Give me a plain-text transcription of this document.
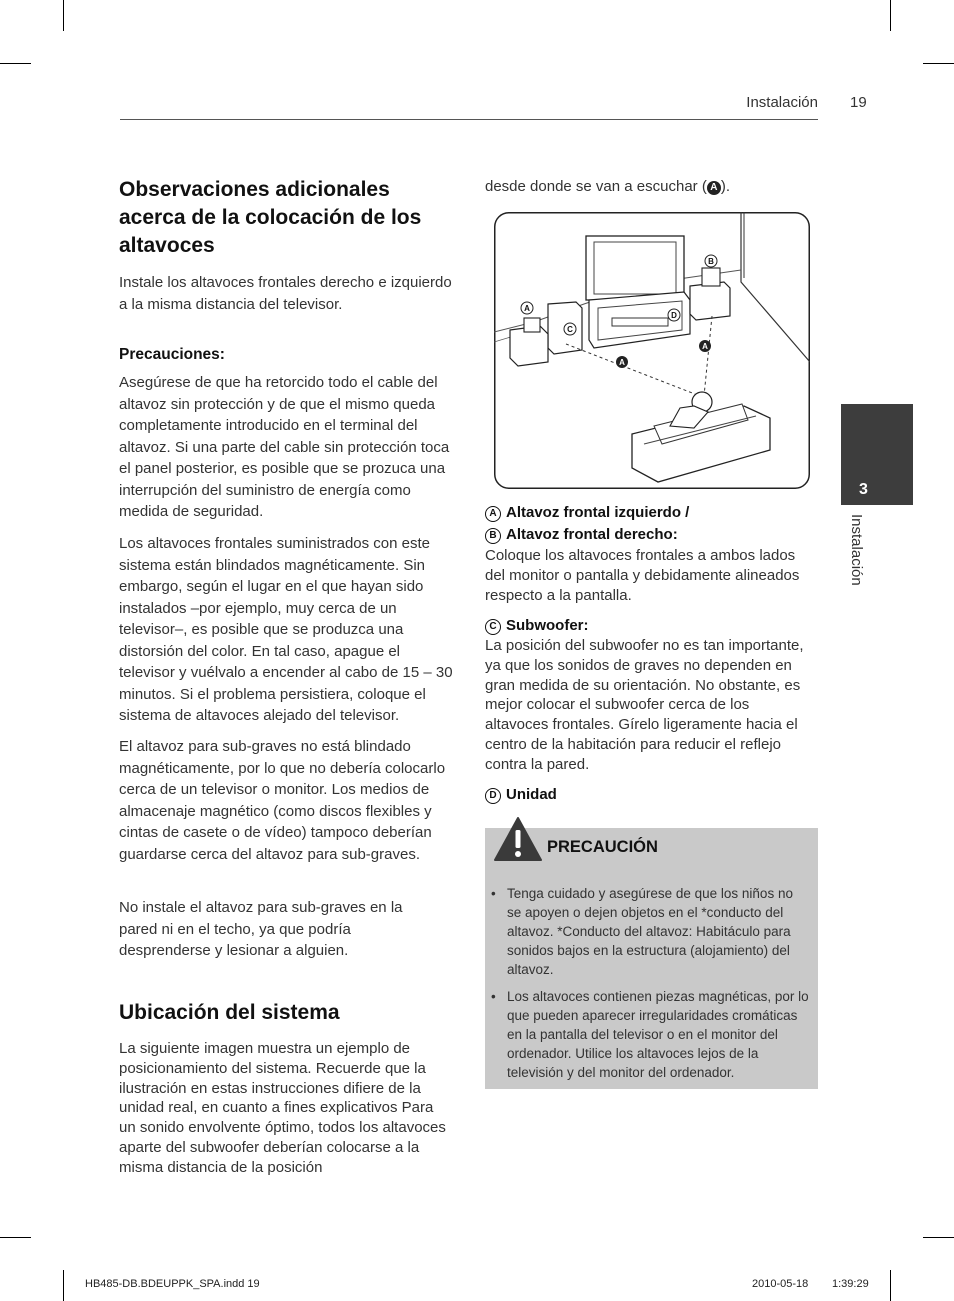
Instalación 19
Observaciones adicionales acerca de la colocación de los altavoces

Instale los altavoces frontales derecho e izquierdo a la misma distancia del televisor.

Precauciones:

Asegúrese de que ha retorcido todo el cable del altavoz sin protección y de que el mismo queda completamente introducido en el terminal del altavoz. Si una parte del cable sin protección toca el panel posterior, es posible que se prozuca una interrupción del suministro de energía como medida de seguridad.

Los altavoces frontales suministrados con este sistema están blindados magnéticamente. Sin embargo, según el lugar en el que hayan sido instalados –por ejemplo, muy cerca de un televisor–, es posible que se produzca una distorsión del color. En tal caso, apague el televisor y vuélvalo a encender al cabo de 15 – 30 minutos. Si el problema persistiera, coloque el sistema de altavoces alejado del televisor.

El altavoz para sub-graves no está blindado magnéticamente, por lo que no debería colocarlo cerca de un televisor o monitor. Los medios de almacenaje magnético (como discos flexibles y cintas de casete o de vídeo) tampoco deberían guardarse cerca del altavoz para sub-graves.

No instale el altavoz para sub-graves en la pared ni en el techo, ya que podría desprenderse y lesionar a alguien.

Ubicación del sistema

La siguiente imagen muestra un ejemplo de posicionamiento del sistema. Recuerde que la ilustración en estas instrucciones difiere de la unidad real, en cuanto a fines explicativos Para un sonido envolvente óptimo, todos los altavoces aparte del subwoofer deberían colocarse a la misma distancia de la posición

desde donde se van a escuchar ( A ).

B
A
C
D
A
A

A Altavoz frontal izquierdo /

B Altavoz frontal derecho:

Coloque los altavoces frontales a ambos lados del monitor o pantalla y debidamente alineados respecto a la pantalla.

C Subwoofer:

La posición del subwoofer no es tan importante, ya que los sonidos de graves no dependen en gran medida de su orientación. No obstante, es mejor colocar el subwoofer cerca de los altavoces frontales. Gírelo ligeramente hacia el centro de la habitación para reducir el reflejo contra la pared.

D Unidad

PRECAUCIÓN
• Tenga cuidado y asegúrese de que los niños no se apoyen o dejen objetos en el *conducto del altavoz. *Conducto del altavoz: Habitáculo para sonidos bajos en la estructura (alojamiento) del altavoz.
• Los altavoces contienen piezas magnéticas, por lo que pueden aparecer irregularidades cromáticas en la pantalla del televisor o en el monitor del ordenador. Utilice los altavoces lejos de la televisión y del monitor del ordenador.
3
Instalación
HB485-DB.BDEUPPK_SPA.indd 19	2010-05-18 1:39:29
